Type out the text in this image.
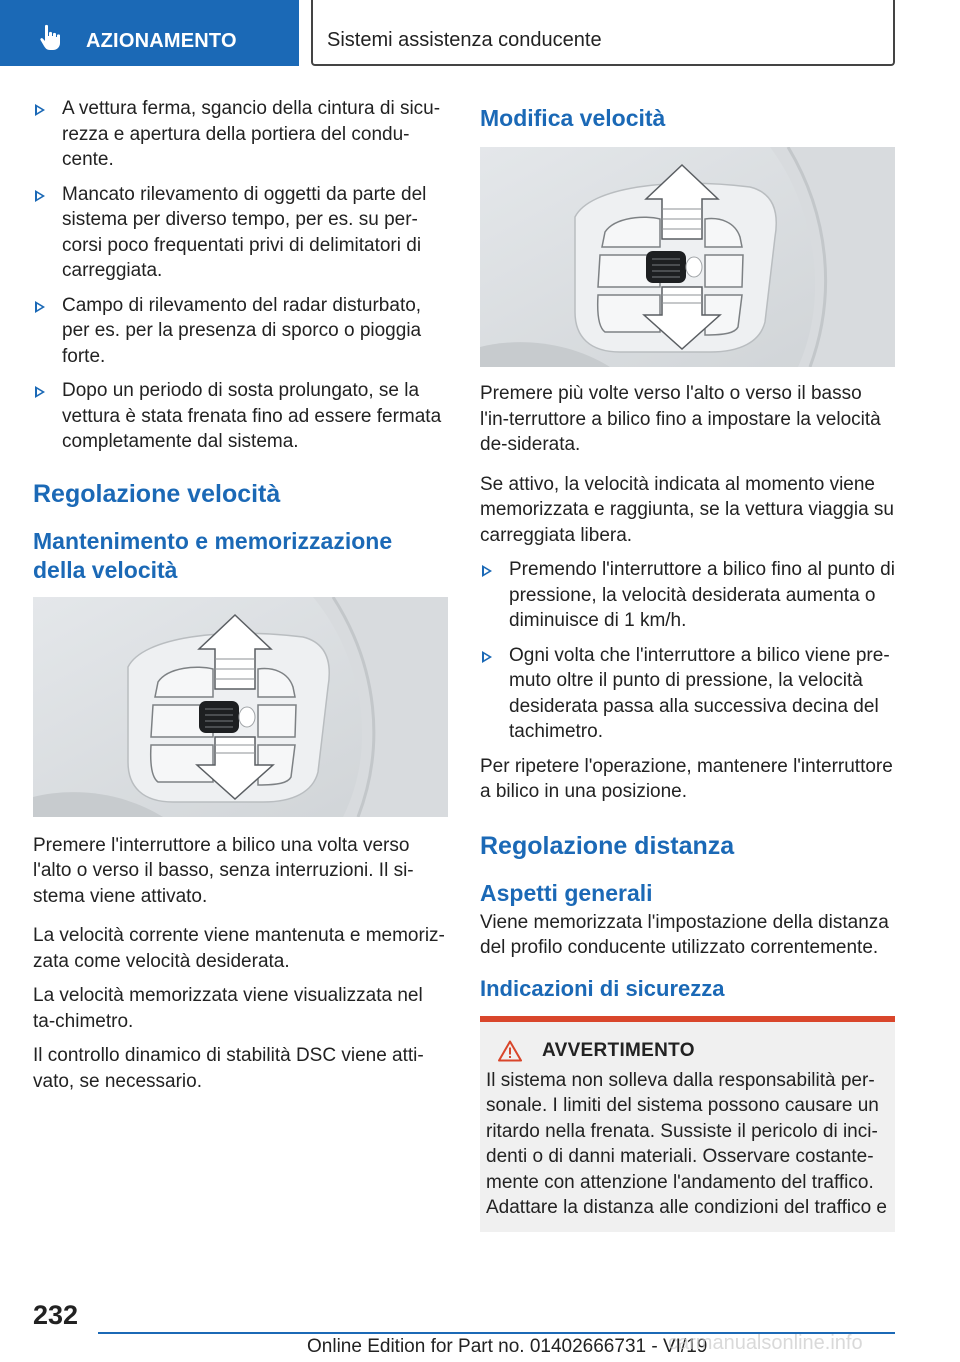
AZIONAMENTO	Sistemi assistenza conducente
A vettura ferma, sgancio della cintura di sicu-rezza e apertura della portiera del condu-cente.
Mancato rilevamento di oggetti da parte del sistema per diverso tempo, per es. su per-corsi poco frequentati privi di delimitatori di carreggiata.
Campo di rilevamento del radar disturbato, per es. per la presenza di sporco o pioggia forte.
Dopo un periodo di sosta prolungato, se la vettura è stata frenata fino ad essere fermata completamente dal sistema.
Regolazione velocità
Mantenimento e memorizzazione della velocità

Premere l'interruttore a bilico una volta verso l'alto o verso il basso, senza interruzioni. Il si-stema viene attivato.

La velocità corrente viene mantenuta e memoriz-zata come velocità desiderata.

La velocità memorizzata viene visualizzata nel ta-chimetro.

Il controllo dinamico di stabilità DSC viene atti-vato, se necessario.

Modifica velocità

Premere più volte verso l'alto o verso il basso l'in-terruttore a bilico fino a impostare la velocità de-siderata.

Se attivo, la velocità indicata al momento viene memorizzata e raggiunta, se la vettura viaggia su carreggiata libera.

Premendo l'interruttore a bilico fino al punto di pressione, la velocità desiderata aumenta o diminuisce di 1 km/h.
Ogni volta che l'interruttore a bilico viene pre-muto oltre il punto di pressione, la velocità desiderata passa alla successiva decina del tachimetro.

Per ripetere l'operazione, mantenere l'interruttore a bilico in una posizione.

Regolazione distanza
Aspetti generali

Viene memorizzata l'impostazione della distanza del profilo conducente utilizzato correntemente.

Indicazioni di sicurezza
AVVERTIMENTO
Il sistema non solleva dalla responsabilità per-sonale. I limiti del sistema possono causare un ritardo nella frenata. Sussiste il pericolo di inci-denti o di danni materiali. Osservare costante-mente con attenzione l'andamento del traffico. Adattare la distanza alle condizioni del traffico e
232
Online Edition for Part no. 01402666731 - VI/19
carmanualsonline.info
